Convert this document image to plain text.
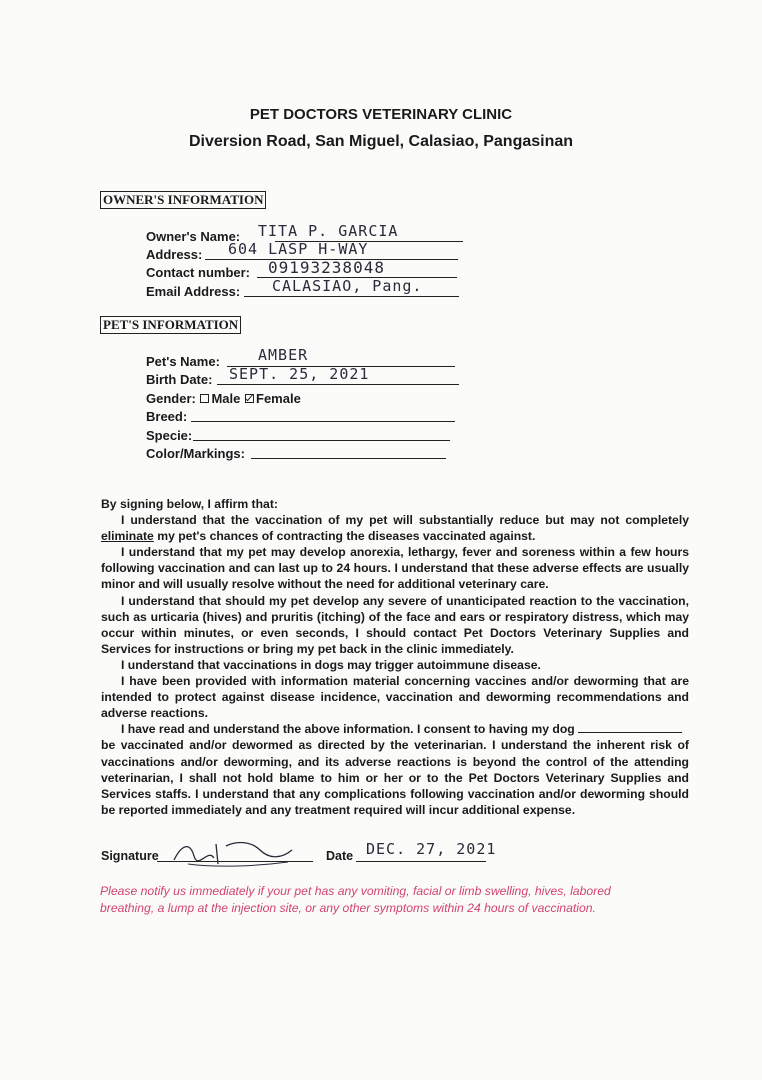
PET DOCTORS VETERINARY CLINIC
Diversion Road, San Miguel, Calasiao, Pangasinan
OWNER'S INFORMATION
Owner's Name: TITA P. GARCIA
Address: 604 LASP H-WAY
Contact number: 09193238048
Email Address: CALASIAO, Pang.
PET'S INFORMATION
Pet's Name:	AMBER
Birth Date: SEPT. 25, 2021
Gender: Male Female
Breed:
Specie:
Color/Markings:

By signing below, I affirm that:

I understand that the vaccination of my pet will substantially reduce but may not completely eliminate my pet's chances of contracting the diseases vaccinated against.

I understand that my pet may develop anorexia, lethargy, fever and soreness within a few hours following vaccination and can last up to 24 hours. I understand that these adverse effects are usually minor and will usually resolve without the need for additional veterinary care.

I understand that should my pet develop any severe of unanticipated reaction to the vaccination, such as urticaria (hives) and pruritis (itching) of the face and ears or respiratory distress, which may occur within minutes, or even seconds, I should contact Pet Doctors Veterinary Supplies and Services for instructions or bring my pet back in the clinic immediately.

I understand that vaccinations in dogs may trigger autoimmune disease.

I have been provided with information material concerning vaccines and/or deworming that are intended to protect against disease incidence, vaccination and deworming recommendations and adverse reactions.

I have read and understand the above information. I consent to having my dog

be vaccinated and/or dewormed as directed by the veterinarian. I understand the inherent risk of vaccinations and/or deworming, and its adverse reactions is beyond the control of the attending veterinarian, I shall not hold blame to him or her or to the Pet Doctors Veterinary Supplies and Services staffs. I understand that any complications following vaccination and/or deworming should be reported immediately and any treatment required will incur additional expense.

Signature	Date DEC. 27, 2021
Please notify us immediately if your pet has any vomiting, facial or limb swelling, hives, labored breathing, a lump at the injection site, or any other symptoms within 24 hours of vaccination.
